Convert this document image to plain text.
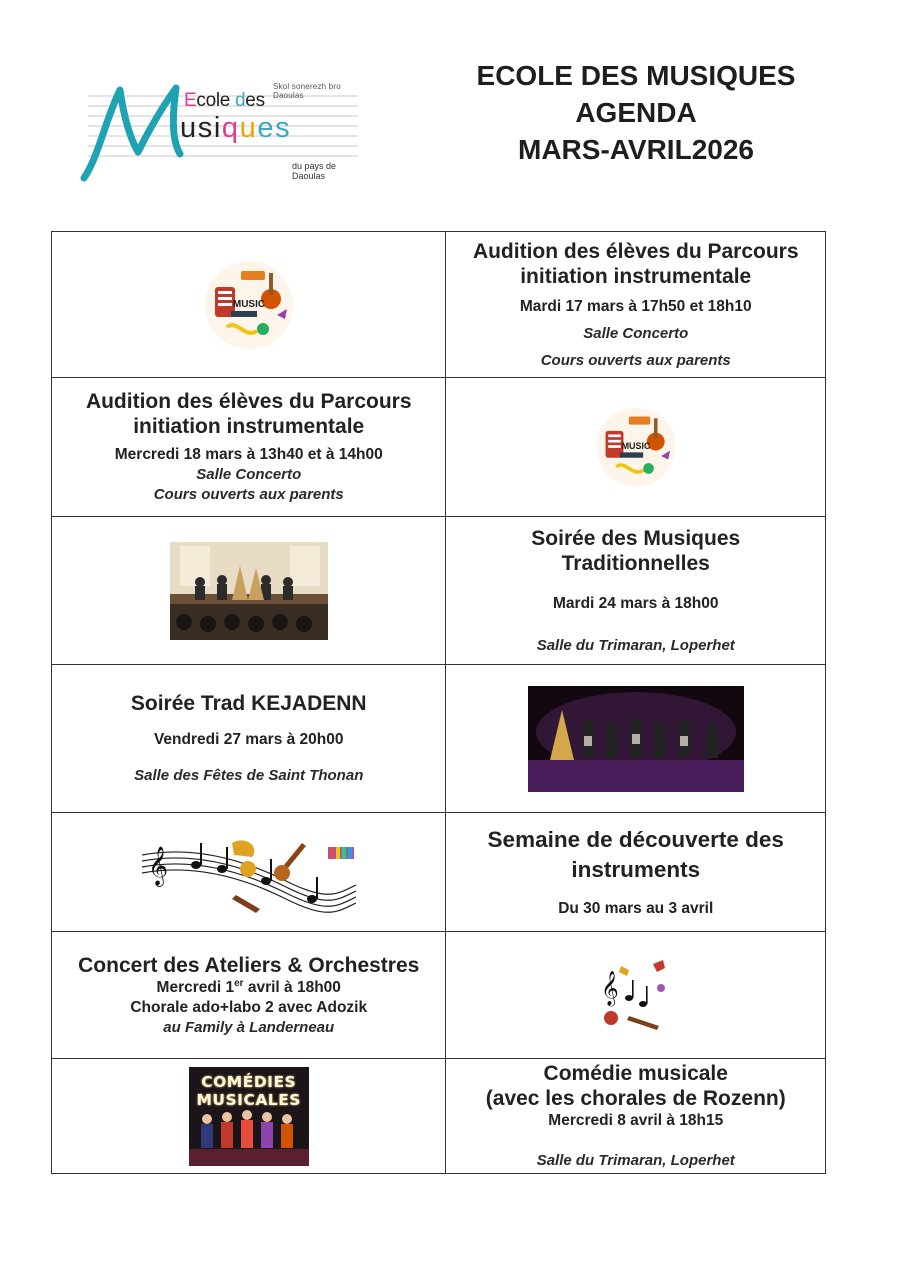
Skol sonerezh bro Daoulas
Ecole des
usiques
du pays de Daoulas
ECOLE DES MUSIQUES
AGENDA
MARS-AVRIL2026
MUSIC
Audition des élèves du Parcours
initiation instrumentale
Mardi 17 mars à 17h50 et 18h10
Salle Concerto
Cours ouverts aux parents
Audition des élèves du Parcours
initiation instrumentale
Mercredi 18 mars à 13h40 et à 14h00
Salle Concerto
Cours ouverts aux parents
MUSIC
Soirée des Musiques
Traditionnelles
Mardi 24 mars à 18h00
Salle du Trimaran, Loperhet
Soirée Trad KEJADENN
Vendredi 27 mars à 20h00
Salle des Fêtes de Saint Thonan
𝄞
Semaine de découverte des
instruments
Du 30 mars au 3 avril
Concert des Ateliers & Orchestres
Mercredi 1er avril à 18h00
Chorale ado+labo 2 avec Adozik
au Family à Landerneau
𝄞
COMÉDIES
MUSICALES
Comédie musicale
(avec les chorales de Rozenn)
Mercredi 8 avril à 18h15
Salle du Trimaran, Loperhet
